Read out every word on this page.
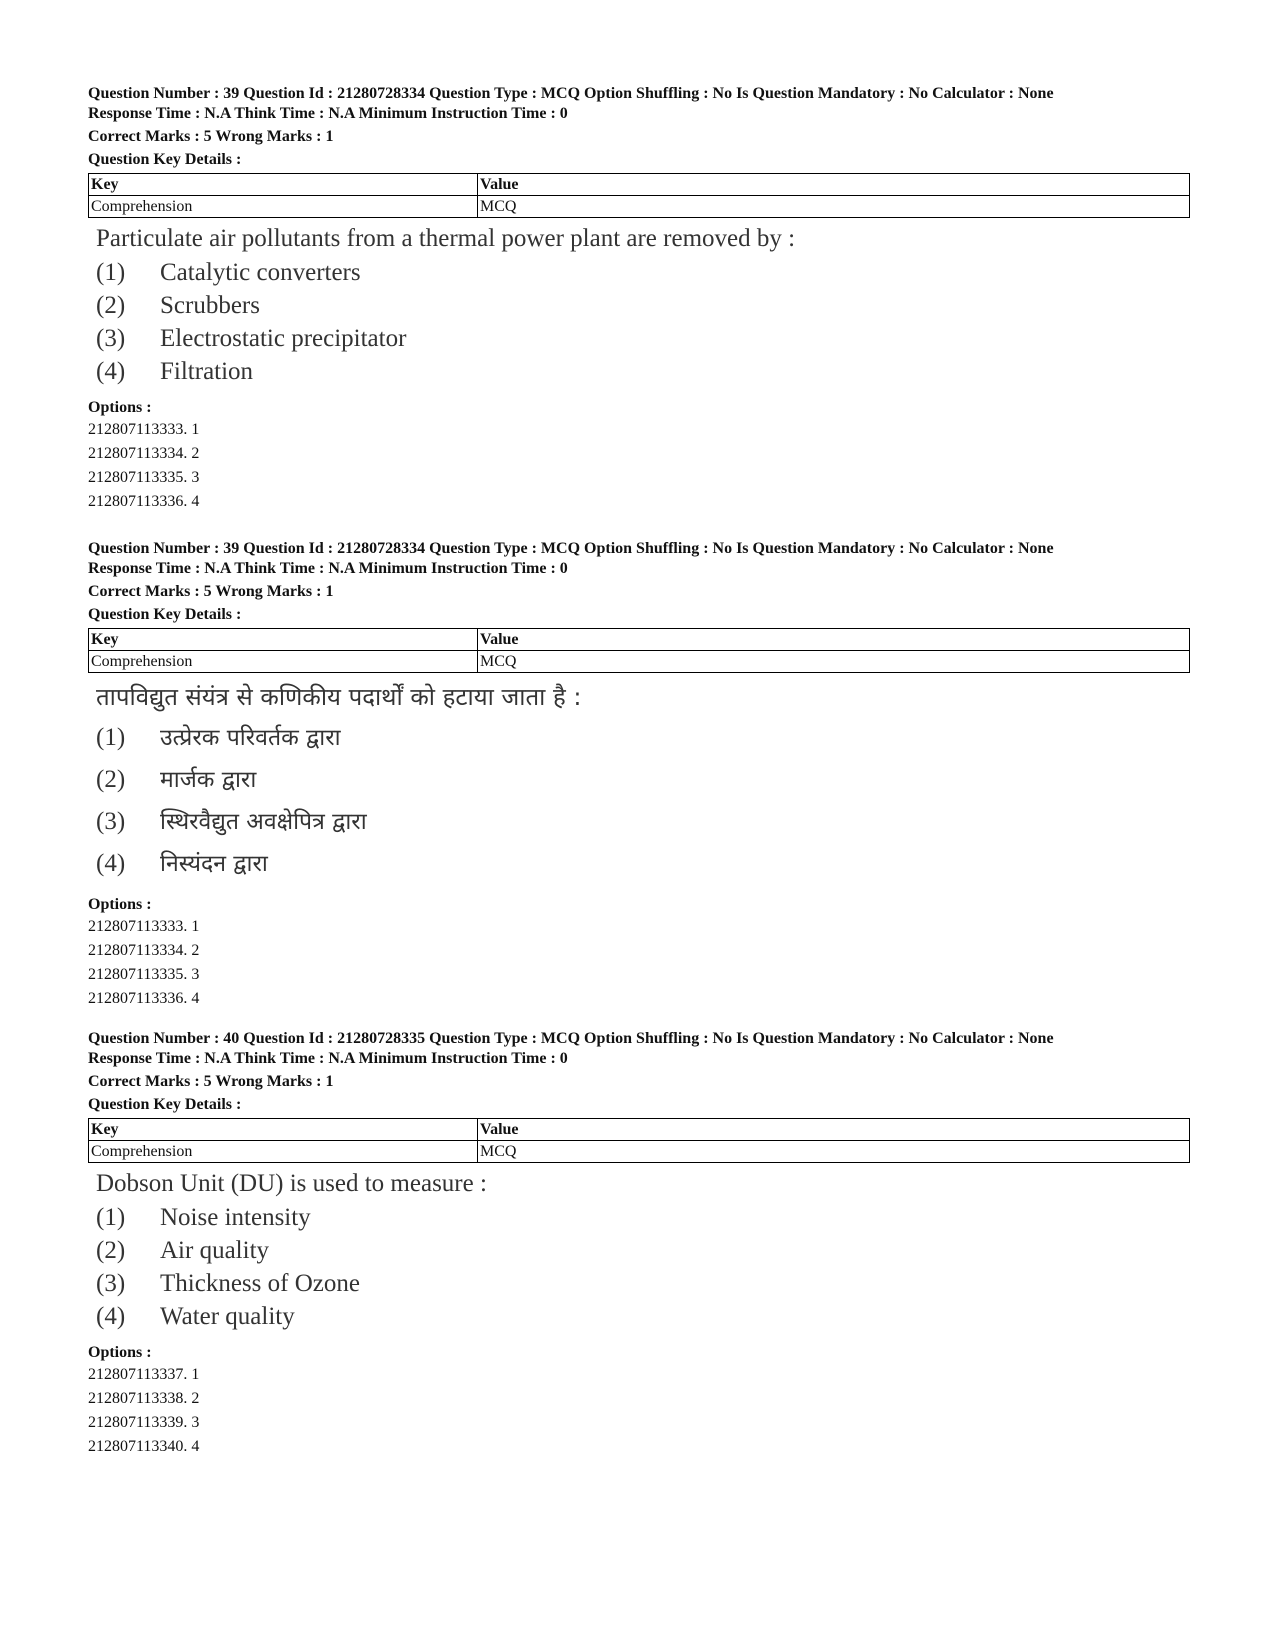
Question Number : 39 Question Id : 21280728334 Question Type : MCQ Option Shuffling : No Is Question Mandatory : No Calculator : None
Response Time : N.A Think Time : N.A Minimum Instruction Time : 0
Correct Marks : 5 Wrong Marks : 1
Question Key Details :
Key	Value
Comprehension	MCQ
Particulate air pollutants from a thermal power plant are removed by :
(1) Catalytic converters
(2) Scrubbers
(3) Electrostatic precipitator
(4) Filtration
Options :
212807113333. 1
212807113334. 2
212807113335. 3
212807113336. 4
Question Number : 39 Question Id : 21280728334 Question Type : MCQ Option Shuffling : No Is Question Mandatory : No Calculator : None
Response Time : N.A Think Time : N.A Minimum Instruction Time : 0
Correct Marks : 5 Wrong Marks : 1
Question Key Details :
Key	Value
Comprehension	MCQ
तापविद्युत संयंत्र से कणिकीय पदार्थों को हटाया जाता है :
(1) उत्प्रेरक परिवर्तक द्वारा
(2) मार्जक द्वारा
(3) स्थिरवैद्युत अवक्षेपित्र द्वारा
(4) निस्यंदन द्वारा
Options :
212807113333. 1
212807113334. 2
212807113335. 3
212807113336. 4
Question Number : 40 Question Id : 21280728335 Question Type : MCQ Option Shuffling : No Is Question Mandatory : No Calculator : None
Response Time : N.A Think Time : N.A Minimum Instruction Time : 0
Correct Marks : 5 Wrong Marks : 1
Question Key Details :
Key	Value
Comprehension	MCQ
Dobson Unit (DU) is used to measure :
(1) Noise intensity
(2) Air quality
(3) Thickness of Ozone
(4) Water quality
Options :
212807113337. 1
212807113338. 2
212807113339. 3
212807113340. 4
